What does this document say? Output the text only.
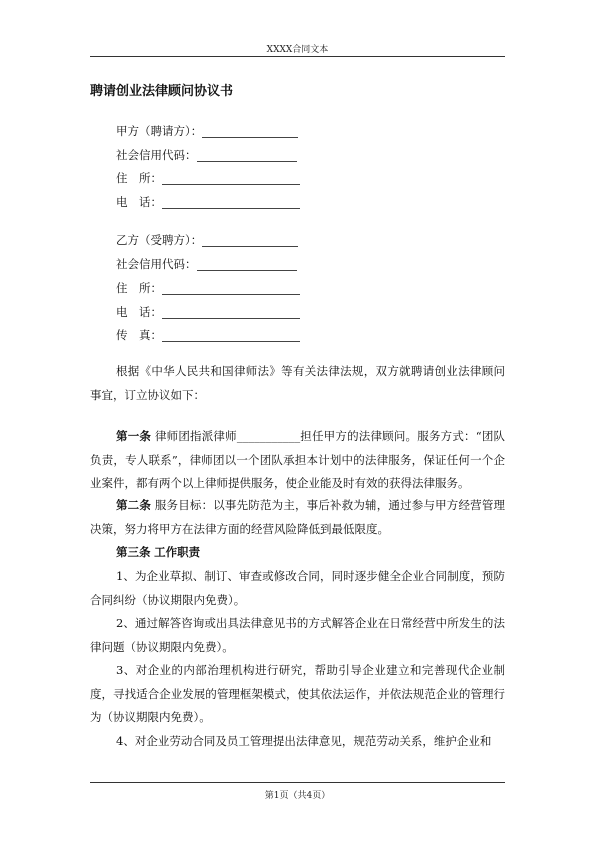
XXXX合同文本
聘请创业法律顾问协议书
甲方（聘请方）：
社会信用代码：
住　所：
电　话：
乙方（受聘方）：
社会信用代码：
住　所：
电　话：
传　真：
根据《中华人民共和国律师法》等有关法律法规，双方就聘请创业法律顾问事宜，订立协议如下：
第一条 律师团指派律师___________担任甲方的法律顾问。服务方式：“团队负责，专人联系”，律师团以一个团队承担本计划中的法律服务，保证任何一个企业案件，都有两个以上律师提供服务，使企业能及时有效的获得法律服务。
第二条 服务目标：以事先防范为主，事后补救为辅，通过参与甲方经营管理决策，努力将甲方在法律方面的经营风险降低到最低限度。
第三条 工作职责
1、为企业草拟、制订、审查或修改合同，同时逐步健全企业合同制度，预防合同纠纷（协议期限内免费）。
2、通过解答咨询或出具法律意见书的方式解答企业在日常经营中所发生的法律问题（协议期限内免费）。
3、对企业的内部治理机构进行研究，帮助引导企业建立和完善现代企业制度，寻找适合企业发展的管理框架模式，使其依法运作，并依法规范企业的管理行为（协议期限内免费）。
4、对企业劳动合同及员工管理提出法律意见，规范劳动关系，维护企业和
第1页（共4页）
